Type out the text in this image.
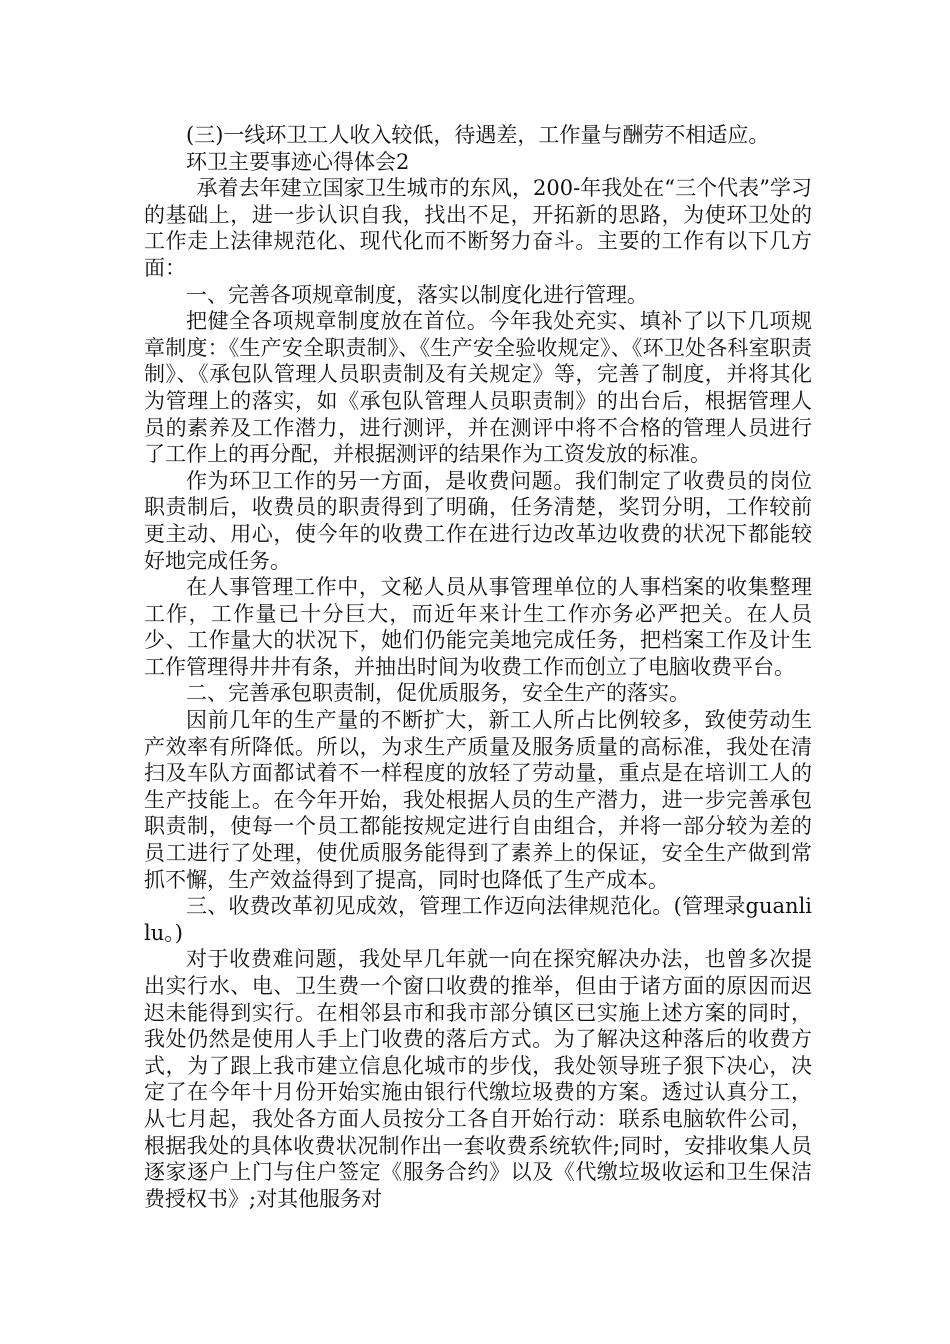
(三)一线环卫工人收入较低，待遇差，工作量与酬劳不相适应。

环卫主要事迹心得体会2

承着去年建立国家卫生城市的东风，200-年我处在“三个代表”学习的基础上，进一步认识自我，找出不足，开拓新的思路，为使环卫处的工作走上法律规范化、现代化而不断努力奋斗。主要的工作有以下几方面：

一、完善各项规章制度，落实以制度化进行管理。

把健全各项规章制度放在首位。今年我处充实、填补了以下几项规章制度：《生产安全职责制》、《生产安全验收规定》、《环卫处各科室职责制》、《承包队管理人员职责制及有关规定》等，完善了制度，并将其化为管理上的落实，如《承包队管理人员职责制》的出台后，根据管理人员的素养及工作潜力，进行测评，并在测评中将不合格的管理人员进行了工作上的再分配，并根据测评的结果作为工资发放的标准。

作为环卫工作的另一方面，是收费问题。我们制定了收费员的岗位职责制后，收费员的职责得到了明确，任务清楚，奖罚分明，工作较前更主动、用心，使今年的收费工作在进行边改革边收费的状况下都能较好地完成任务。

在人事管理工作中，文秘人员从事管理单位的人事档案的收集整理工作，工作量已十分巨大，而近年来计生工作亦务必严把关。在人员少、工作量大的状况下，她们仍能完美地完成任务，把档案工作及计生工作管理得井井有条，并抽出时间为收费工作而创立了电脑收费平台。

二、完善承包职责制，促优质服务，安全生产的落实。

因前几年的生产量的不断扩大，新工人所占比例较多，致使劳动生产效率有所降低。所以，为求生产质量及服务质量的高标准，我处在清扫及车队方面都试着不一样程度的放轻了劳动量，重点是在培训工人的生产技能上。在今年开始，我处根据人员的生产潜力，进一步完善承包职责制，使每一个员工都能按规定进行自由组合，并将一部分较为差的员工进行了处理，使优质服务能得到了素养上的保证，安全生产做到常抓不懈，生产效益得到了提高，同时也降低了生产成本。

三、收费改革初见成效，管理工作迈向法律规范化。(管理录guanlilu。)

对于收费难问题，我处早几年就一向在探究解决办法，也曾多次提出实行水、电、卫生费一个窗口收费的推举，但由于诸方面的原因而迟迟未能得到实行。在相邻县市和我市部分镇区已实施上述方案的同时，我处仍然是使用人手上门收费的落后方式。为了解决这种落后的收费方式，为了跟上我市建立信息化城市的步伐，我处领导班子狠下决心，决定了在今年十月份开始实施由银行代缴垃圾费的方案。透过认真分工，从七月起，我处各方面人员按分工各自开始行动：联系电脑软件公司，根据我处的具体收费状况制作出一套收费系统软件;同时，安排收集人员逐家逐户上门与住户签定《服务合约》以及《代缴垃圾收运和卫生保洁费授权书》;对其他服务对
